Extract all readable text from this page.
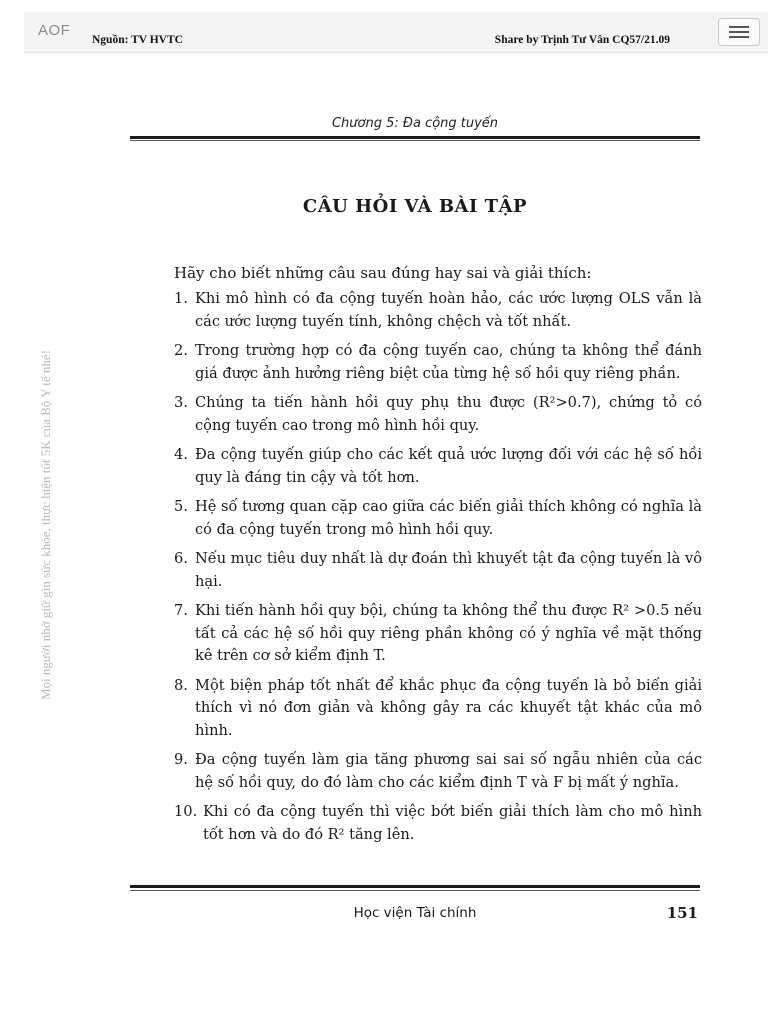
AOF
Nguồn: TV HVTC	Share by Trịnh Tư Vân CQ57/21.09
Mọi người nhớ giữ gìn sức khỏe, thực hiện tốt 5K của Bộ Y tế nhé!
Chương 5: Đa cộng tuyến
CÂU HỎI VÀ BÀI TẬP
Hãy cho biết những câu sau đúng hay sai và giải thích:
1. Khi mô hình có đa cộng tuyến hoàn hảo, các ước lượng OLS vẫn là các ước lượng tuyến tính, không chệch và tốt nhất.
2. Trong trường hợp có đa cộng tuyến cao, chúng ta không thể đánh giá được ảnh hưởng riêng biệt của từng hệ số hồi quy riêng phần.
3. Chúng ta tiến hành hồi quy phụ thu được (R²>0.7), chứng tỏ có cộng tuyến cao trong mô hình hồi quy.
4. Đa cộng tuyến giúp cho các kết quả ước lượng đối với các hệ số hồi quy là đáng tin cậy và tốt hơn.
5. Hệ số tương quan cặp cao giữa các biến giải thích không có nghĩa là có đa cộng tuyến trong mô hình hồi quy.
6. Nếu mục tiêu duy nhất là dự đoán thì khuyết tật đa cộng tuyến là vô hại.
7. Khi tiến hành hồi quy bội, chúng ta không thể thu được R² >0.5 nếu tất cả các hệ số hồi quy riêng phần không có ý nghĩa về mặt thống kê trên cơ sở kiểm định T.
8. Một biện pháp tốt nhất để khắc phục đa cộng tuyến là bỏ biến giải thích vì nó đơn giản và không gây ra các khuyết tật khác của mô hình.
9. Đa cộng tuyến làm gia tăng phương sai sai số ngẫu nhiên của các hệ số hồi quy, do đó làm cho các kiểm định T và F bị mất ý nghĩa.
10. Khi có đa cộng tuyến thì việc bớt biến giải thích làm cho mô hình tốt hơn và do đó R² tăng lên.
Học viện Tài chính	151
